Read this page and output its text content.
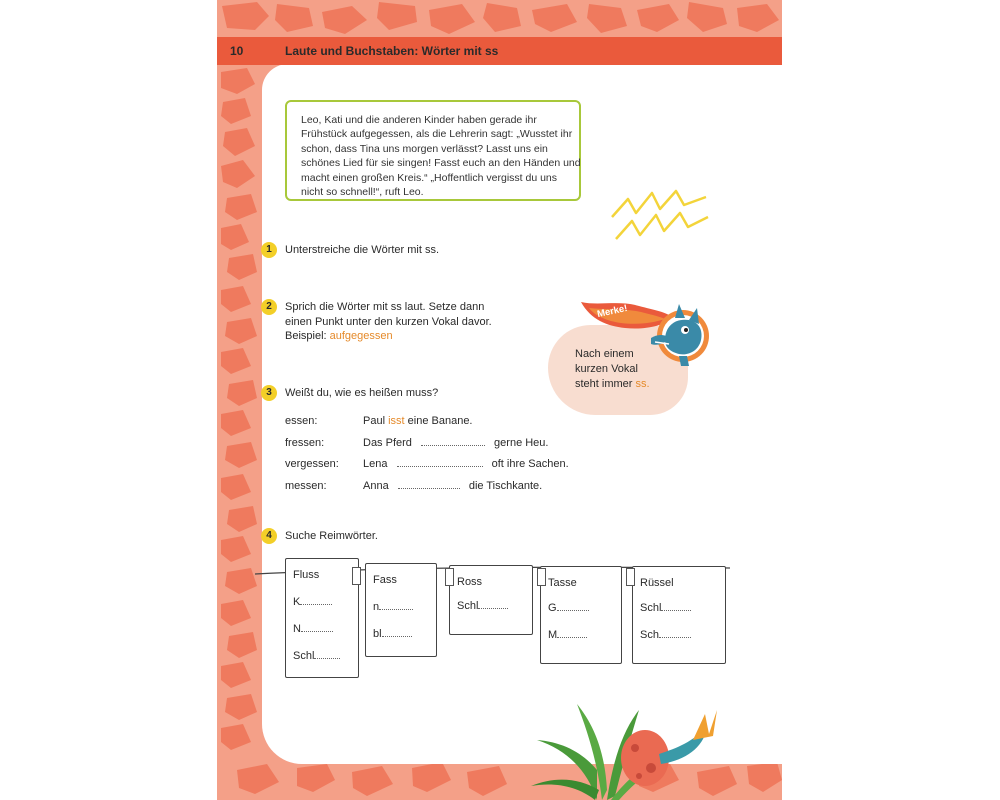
10	Laute und Buchstaben: Wörter mit ss
Leo, Kati und die anderen Kinder haben gerade ihr Frühstück aufgegessen, als die Lehrerin sagt: „Wusstet ihr schon, dass Tina uns morgen verlässt? Lasst uns ein schönes Lied für sie singen! Fasst euch an den Händen und macht einen großen Kreis.“ „Hoffentlich vergisst du uns nicht so schnell!“, ruft Leo.
1	Unterstreiche die Wörter mit ss.
2	Sprich die Wörter mit ss laut. Setze dann
einen Punkt unter den kurzen Vokal davor.
Beispiel: aufgegessen
Merke!
Nach einem
kurzen Vokal
steht immer ss.
3	Weißt du, wie es heißen muss?
essen:	Paul isst eine Banane.
fressen:	Das Pferd	gerne Heu.
vergessen: Lena	oft ihre Sachen.
messen:	Anna	die Tischkante.
4	Suche Reimwörter.
Fluss
K
N
Schl
Fass
n
bl
Ross
Schl
Tasse
G
M
Rüssel
Schl
Sch
